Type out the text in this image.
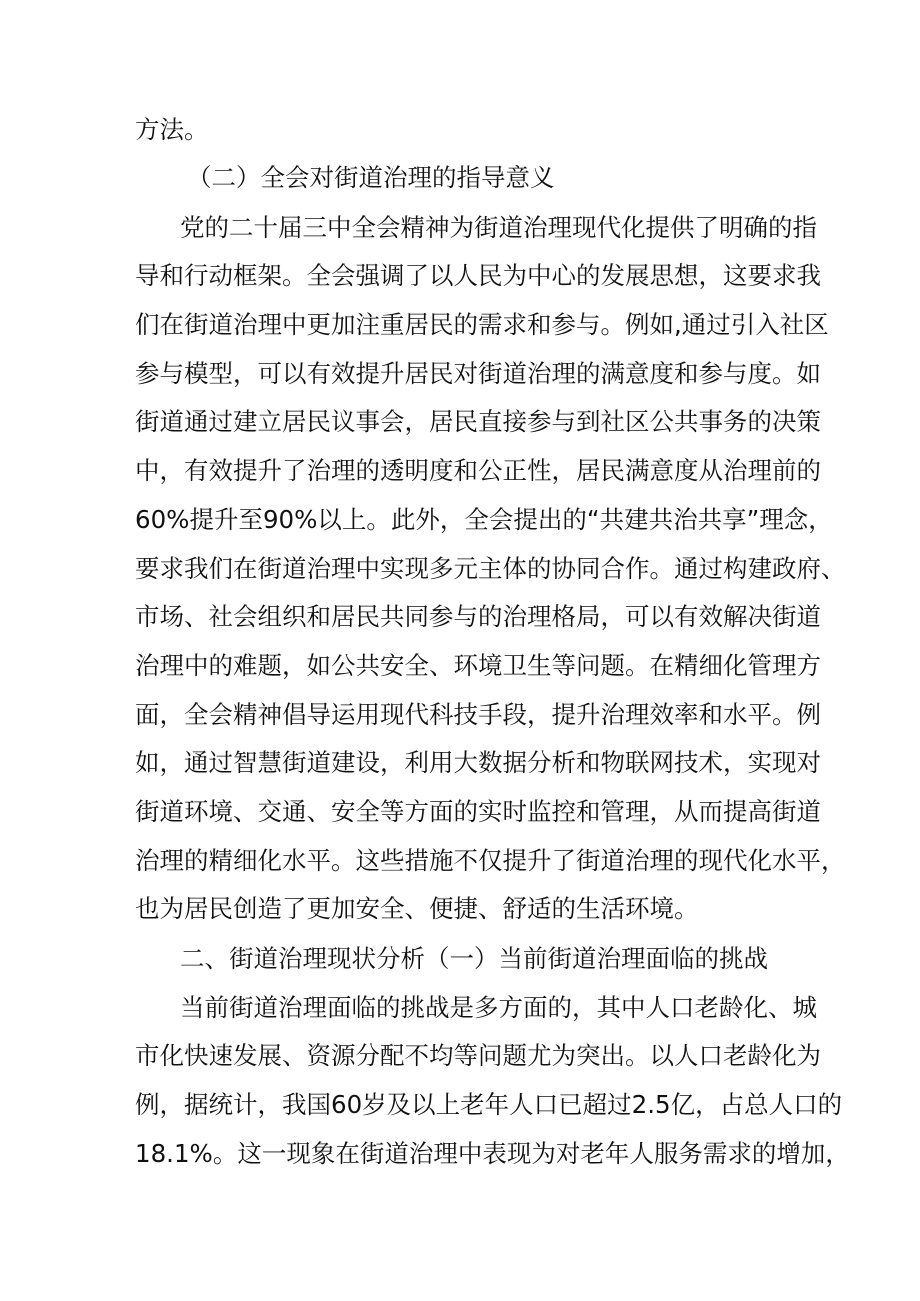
方法。
（二）全会对街道治理的指导意义
党的二十届三中全会精神为街道治理现代化提供了明确的指
导和行动框架。全会强调了以人民为中心的发展思想，这要求我
们在街道治理中更加注重居民的需求和参与。例如,通过引入社区
参与模型，可以有效提升居民对街道治理的满意度和参与度。如
街道通过建立居民议事会，居民直接参与到社区公共事务的决策
中，有效提升了治理的透明度和公正性，居民满意度从治理前的
60%提升至90%以上。此外，全会提出的“共建共治共享”理念，
要求我们在街道治理中实现多元主体的协同合作。通过构建政府、
市场、社会组织和居民共同参与的治理格局，可以有效解决街道
治理中的难题，如公共安全、环境卫生等问题。在精细化管理方
面，全会精神倡导运用现代科技手段，提升治理效率和水平。例
如，通过智慧街道建设，利用大数据分析和物联网技术，实现对
街道环境、交通、安全等方面的实时监控和管理，从而提高街道
治理的精细化水平。这些措施不仅提升了街道治理的现代化水平，
也为居民创造了更加安全、便捷、舒适的生活环境。
二、街道治理现状分析（一）当前街道治理面临的挑战
当前街道治理面临的挑战是多方面的，其中人口老龄化、城
市化快速发展、资源分配不均等问题尤为突出。以人口老龄化为
例，据统计，我国60岁及以上老年人口已超过2.5亿，占总人口的
18.1%。这一现象在街道治理中表现为对老年人服务需求的增加，
